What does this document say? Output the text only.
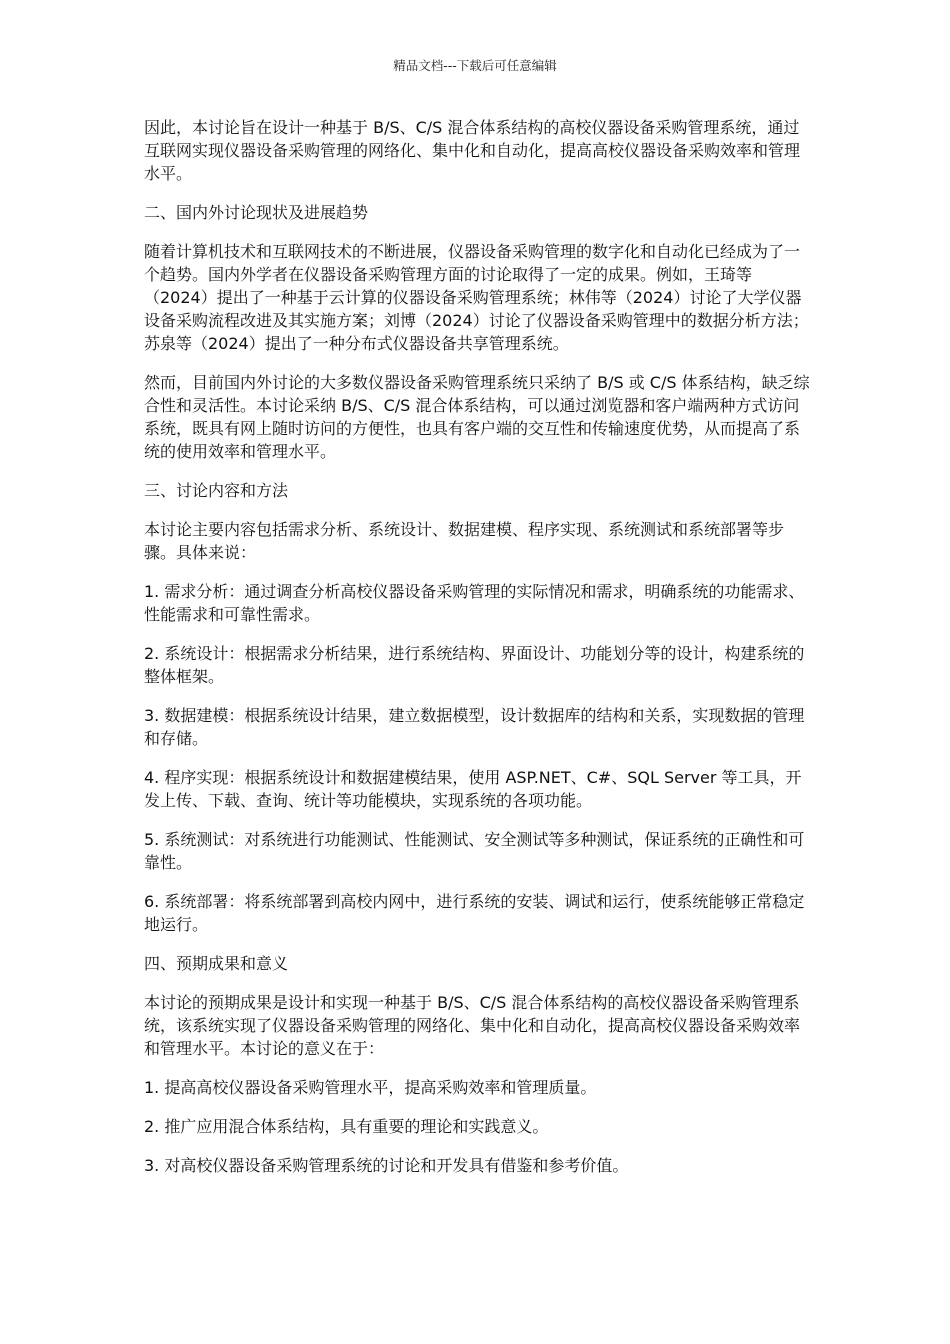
精品文档---下载后可任意编辑

因此，本讨论旨在设计一种基于 B/S、C/S 混合体系结构的高校仪器设备采购管理系统，通过互联网实现仪器设备采购管理的网络化、集中化和自动化，提高高校仪器设备采购效率和管理水平。

二、国内外讨论现状及进展趋势

随着计算机技术和互联网技术的不断进展，仪器设备采购管理的数字化和自动化已经成为了一个趋势。国内外学者在仪器设备采购管理方面的讨论取得了一定的成果。例如，王琦等（2024）提出了一种基于云计算的仪器设备采购管理系统；林伟等（2024）讨论了大学仪器设备采购流程改进及其实施方案；刘博（2024）讨论了仪器设备采购管理中的数据分析方法；苏泉等（2024）提出了一种分布式仪器设备共享管理系统。

然而，目前国内外讨论的大多数仪器设备采购管理系统只采纳了 B/S 或 C/S 体系结构，缺乏综合性和灵活性。本讨论采纳 B/S、C/S 混合体系结构，可以通过浏览器和客户端两种方式访问系统，既具有网上随时访问的方便性，也具有客户端的交互性和传输速度优势，从而提高了系统的使用效率和管理水平。

三、讨论内容和方法

本讨论主要内容包括需求分析、系统设计、数据建模、程序实现、系统测试和系统部署等步骤。具体来说：

1. 需求分析：通过调查分析高校仪器设备采购管理的实际情况和需求，明确系统的功能需求、性能需求和可靠性需求。

2. 系统设计：根据需求分析结果，进行系统结构、界面设计、功能划分等的设计，构建系统的整体框架。

3. 数据建模：根据系统设计结果，建立数据模型，设计数据库的结构和关系，实现数据的管理和存储。

4. 程序实现：根据系统设计和数据建模结果，使用 ASP.NET、C#、SQL Server 等工具，开发上传、下载、查询、统计等功能模块，实现系统的各项功能。

5. 系统测试：对系统进行功能测试、性能测试、安全测试等多种测试，保证系统的正确性和可靠性。

6. 系统部署：将系统部署到高校内网中，进行系统的安装、调试和运行，使系统能够正常稳定地运行。

四、预期成果和意义

本讨论的预期成果是设计和实现一种基于 B/S、C/S 混合体系结构的高校仪器设备采购管理系统，该系统实现了仪器设备采购管理的网络化、集中化和自动化，提高高校仪器设备采购效率和管理水平。本讨论的意义在于：

1. 提高高校仪器设备采购管理水平，提高采购效率和管理质量。

2. 推广应用混合体系结构，具有重要的理论和实践意义。

3. 对高校仪器设备采购管理系统的讨论和开发具有借鉴和参考价值。
